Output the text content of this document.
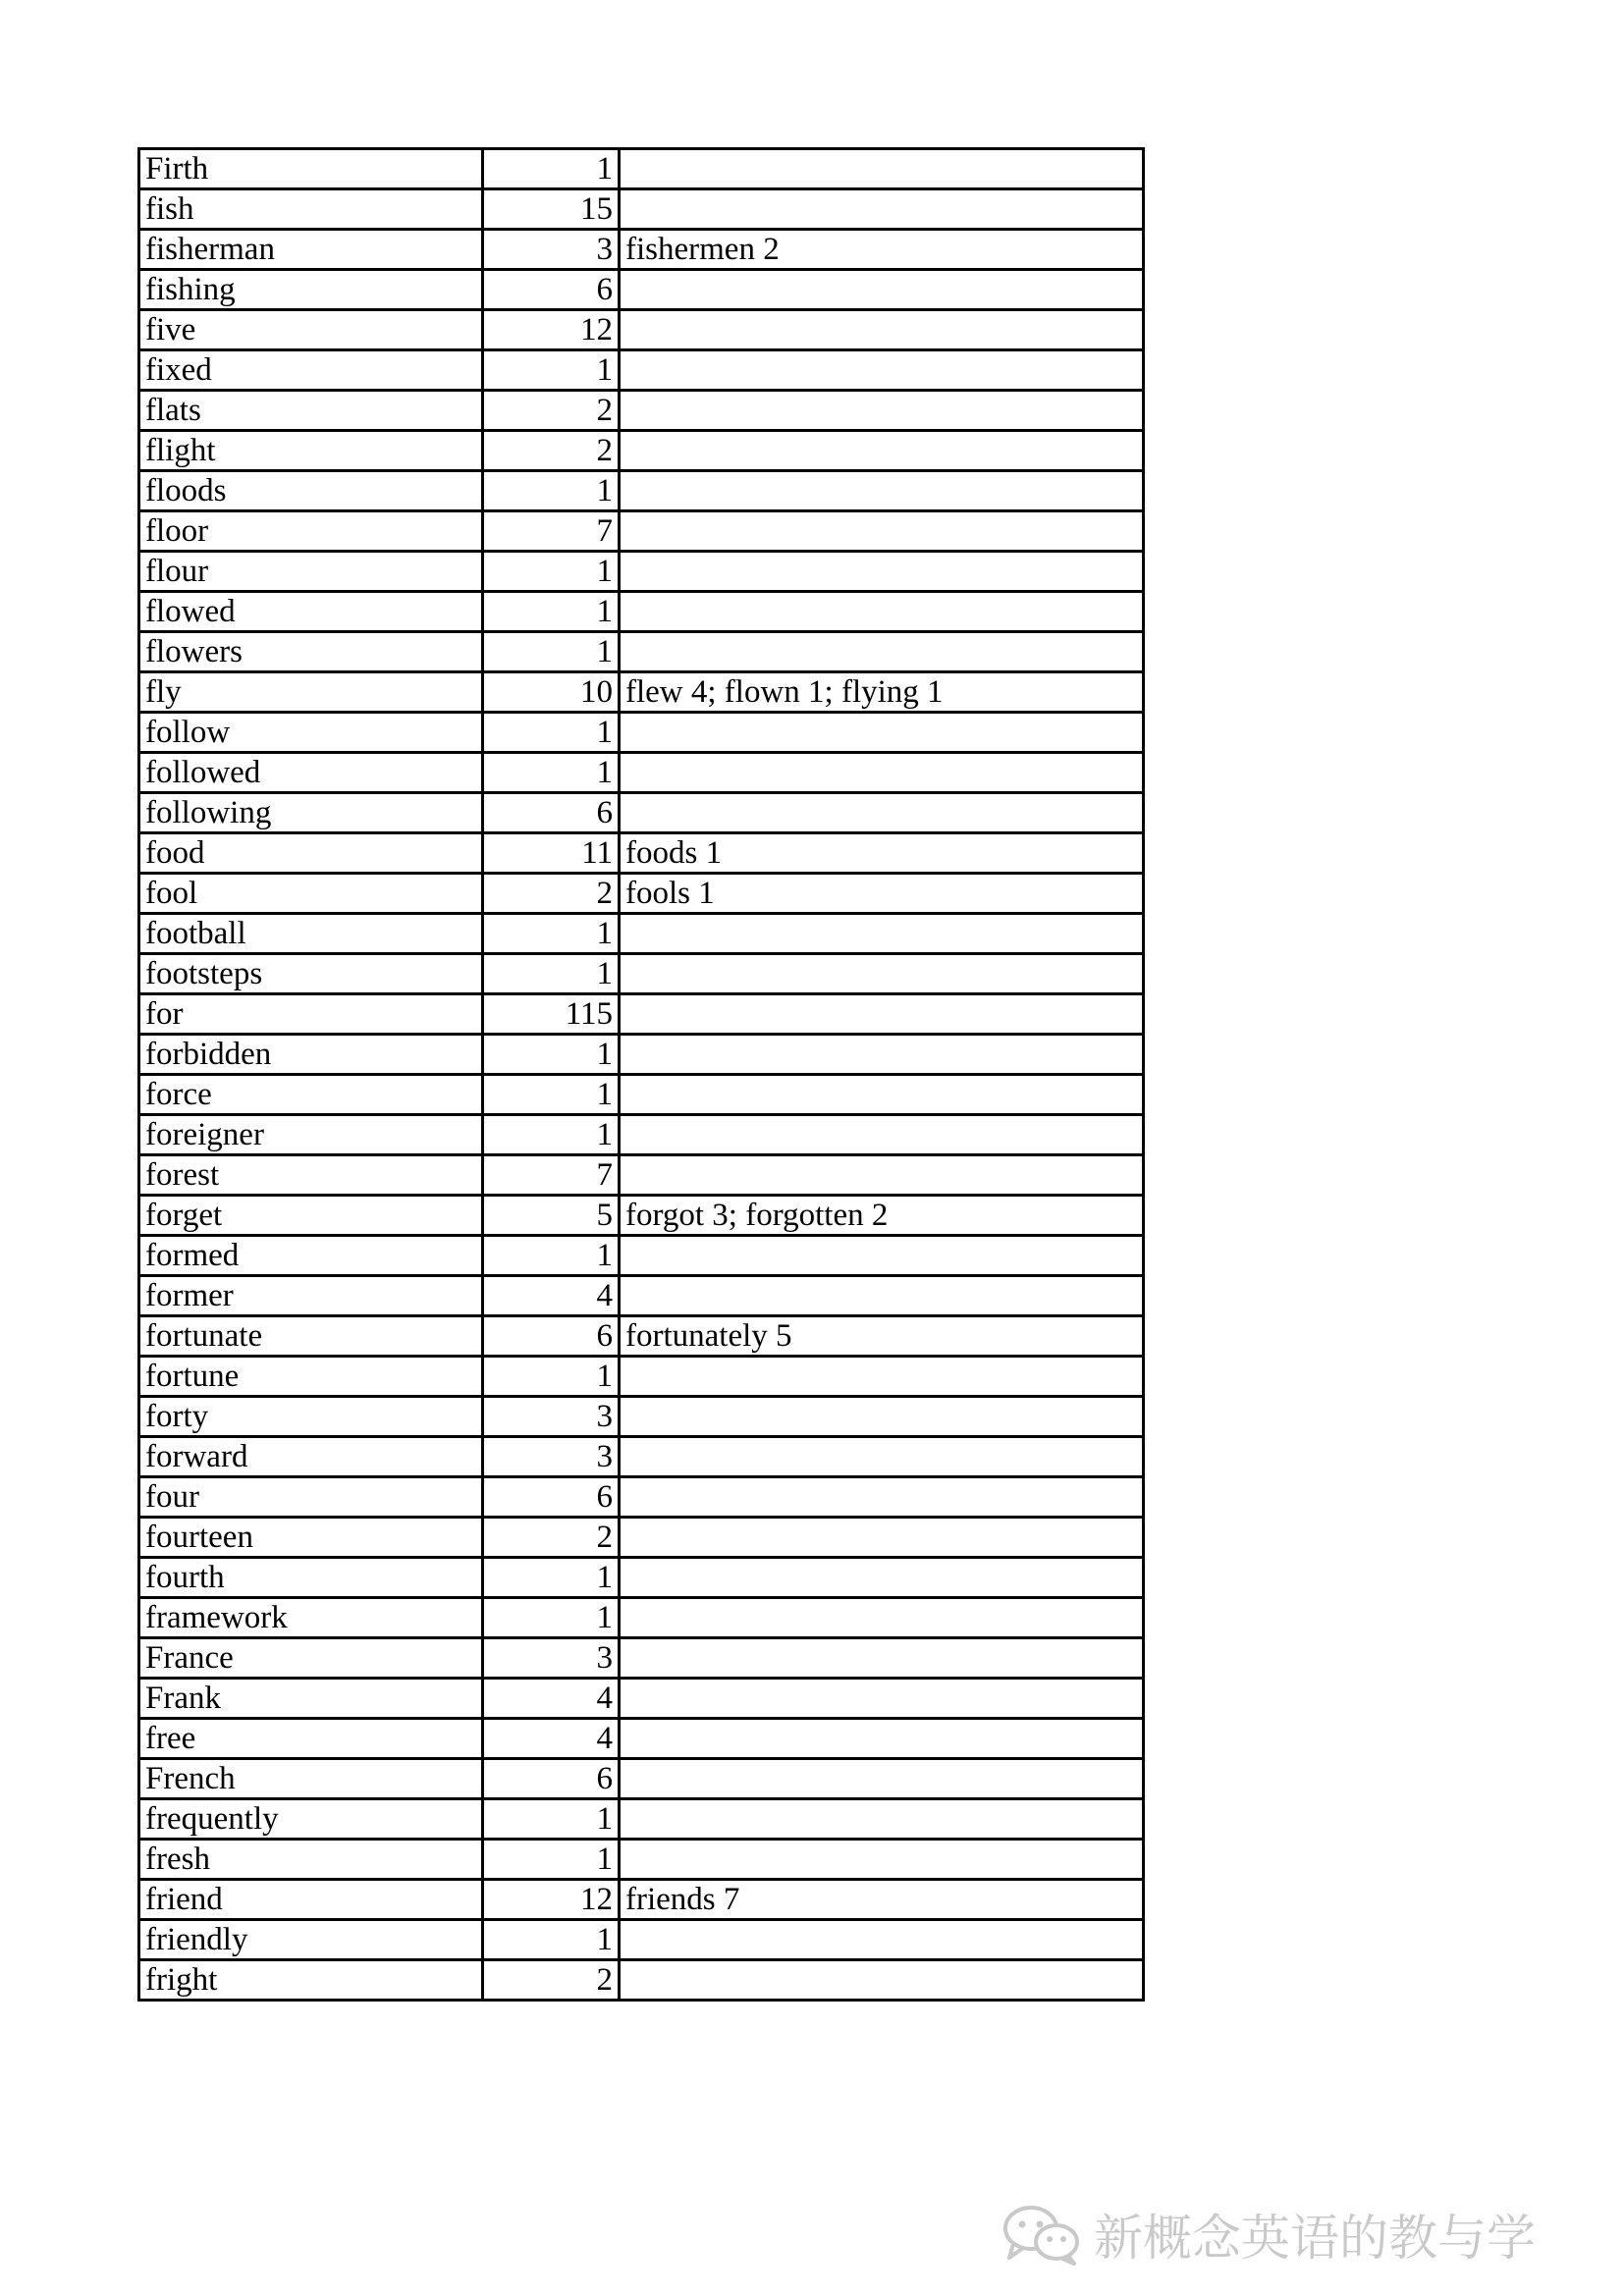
Firth	1	
fish	15	
fisherman	3	fishermen 2
fishing	6	
five	12	
fixed	1	
flats	2	
flight	2	
floods	1	
floor	7	
flour	1	
flowed	1	
flowers	1	
fly	10	flew 4; flown 1; flying 1
follow	1	
followed	1	
following	6	
food	11	foods 1
fool	2	fools 1
football	1	
footsteps	1	
for	115	
forbidden	1	
force	1	
foreigner	1	
forest	7	
forget	5	forgot 3; forgotten 2
formed	1	
former	4	
fortunate	6	fortunately 5
fortune	1	
forty	3	
forward	3	
four	6	
fourteen	2	
fourth	1	
framework	1	
France	3	
Frank	4	
free	4	
French	6	
frequently	1	
fresh	1	
friend	12	friends 7
friendly	1	
fright	2	
新概念英语的教与学
